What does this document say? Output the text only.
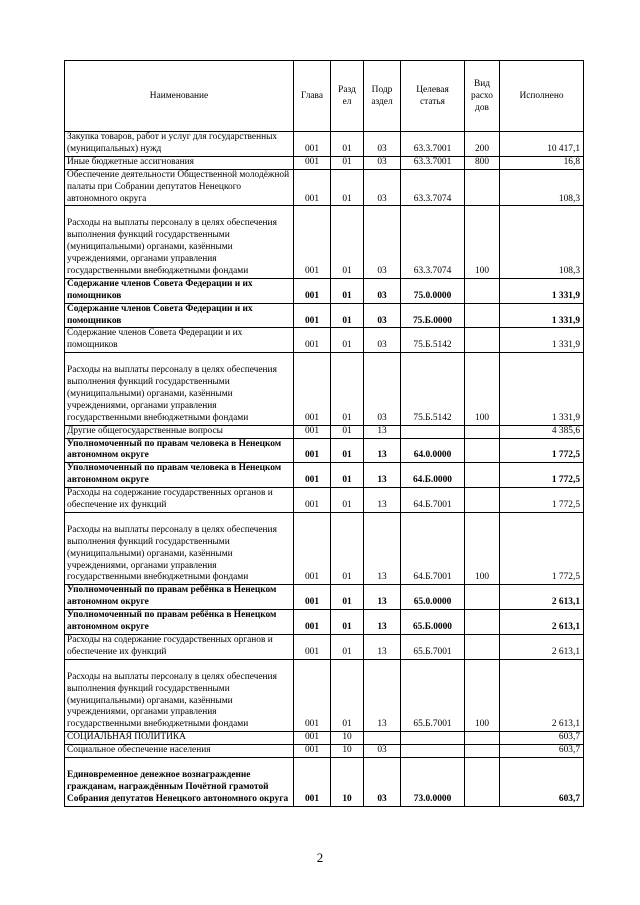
Наименование	Глава	Разд ел	Подр аздел	Целевая статья	Вид расхо дов	Исполнено
Закупка товаров, работ и услуг для государственных (муниципальных) нужд	001	01	03	63.3.7001	200	10 417,1
Иные бюджетные ассигнования	001	01	03	63.3.7001	800	16,8
Обеспечение деятельности Общественной молодёжной палаты при Собрании депутатов Ненецкого автономного округа	001	01	03	63.3.7074		108,3
Расходы на выплаты персоналу в целях обеспечения выполнения функций государственными (муниципальными) органами, казёнными учреждениями, органами управления государственными внебюджетными фондами	001	01	03	63.3.7074	100	108,3
Содержание членов Совета Федерации и их помощников	001	01	03	75.0.0000		1 331,9
Содержание членов Совета Федерации и их помощников	001	01	03	75.Б.0000		1 331,9
Содержание членов Совета Федерации и их помощников	001	01	03	75.Б.5142		1 331,9
Расходы на выплаты персоналу в целях обеспечения выполнения функций государственными (муниципальными) органами, казёнными учреждениями, органами управления государственными внебюджетными фондами	001	01	03	75.Б.5142	100	1 331,9
Другие общегосударственные вопросы	001	01	13			4 385,6
Уполномоченный по правам человека в Ненецком автономном округе	001	01	13	64.0.0000		1 772,5
Уполномоченный по правам человека в Ненецком автономном округе	001	01	13	64.Б.0000		1 772,5
Расходы на содержание государственных органов и обеспечение их функций	001	01	13	64.Б.7001		1 772,5
Расходы на выплаты персоналу в целях обеспечения выполнения функций государственными (муниципальными) органами, казёнными учреждениями, органами управления государственными внебюджетными фондами	001	01	13	64.Б.7001	100	1 772,5
Уполномоченный по правам ребёнка в Ненецком автономном округе	001	01	13	65.0.0000		2 613,1
Уполномоченный по правам ребёнка в Ненецком автономном округе	001	01	13	65.Б.0000		2 613,1
Расходы на содержание государственных органов и обеспечение их функций	001	01	13	65.Б.7001		2 613,1
Расходы на выплаты персоналу в целях обеспечения выполнения функций государственными (муниципальными) органами, казёнными учреждениями, органами управления государственными внебюджетными фондами	001	01	13	65.Б.7001	100	2 613,1
СОЦИАЛЬНАЯ ПОЛИТИКА	001	10				603,7
Социальное обеспечение населения	001	10	03			603,7
Единовременное денежное вознаграждение гражданам, награждённым Почётной грамотой Собрания депутатов Ненецкого автономного округа	001	10	03	73.0.0000		603,7
2
